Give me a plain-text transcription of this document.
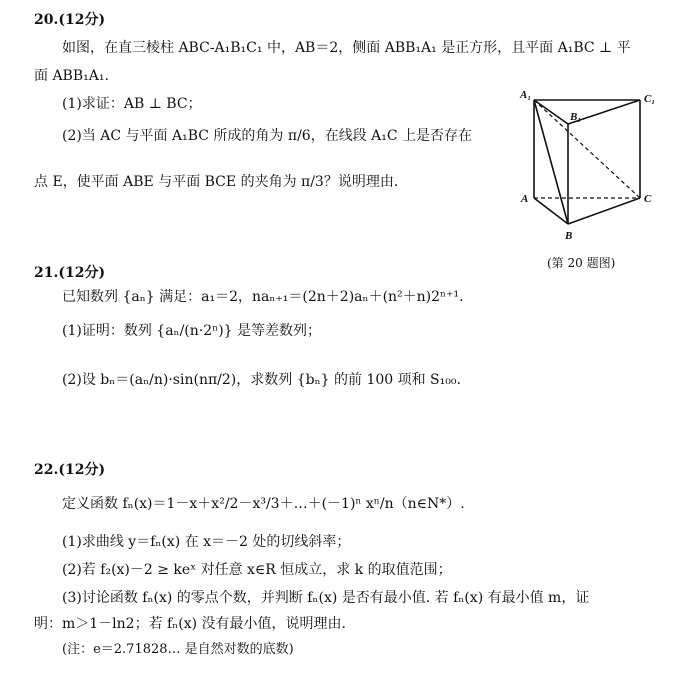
20.(12分)
如图，在直三棱柱 ABC-A₁B₁C₁ 中，AB＝2，侧面 ABB₁A₁ 是正方形，且平面 A₁BC ⊥ 平
面 ABB₁A₁.
(1)求证：AB ⊥ BC；
(2)当 AC 与平面 A₁BC 所成的角为 π/6，在线段 A₁C 上是否存在
点 E，使平面 ABE 与平面 BCE 的夹角为 π/3？说明理由.
A₁
B₁
C₁
A
B
C
(第 20 题图)
21.(12分)
已知数列 {aₙ} 满足：a₁＝2，naₙ₊₁＝(2n＋2)aₙ＋(n²＋n)2ⁿ⁺¹.
(1)证明：数列 {aₙ/(n·2ⁿ)} 是等差数列；
(2)设 bₙ＝(aₙ/n)·sin(nπ/2)，求数列 {bₙ} 的前 100 项和 S₁₀₀.
22.(12分)
定义函数 fₙ(x)＝1－x＋x²/2－x³/3＋…＋(－1)ⁿ xⁿ/n（n∈N*）.
(1)求曲线 y＝fₙ(x) 在 x＝－2 处的切线斜率；
(2)若 f₂(x)－2 ≥ keˣ 对任意 x∈R 恒成立，求 k 的取值范围；
(3)讨论函数 fₙ(x) 的零点个数，并判断 fₙ(x) 是否有最小值. 若 fₙ(x) 有最小值 m，证
明：m＞1－ln2；若 fₙ(x) 没有最小值，说明理由.
(注：e＝2.71828… 是自然对数的底数)
